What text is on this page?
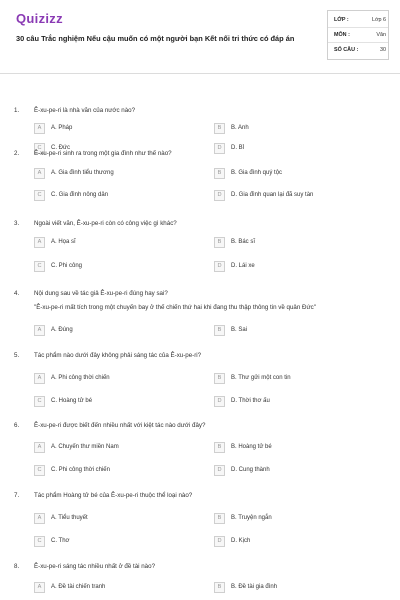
Quizizz
30 câu Trắc nghiệm Nếu cậu muốn có một người bạn Kết nối tri thức có đáp án
LỚP :	Lớp 6
MÔN :	Văn
SỐ CÂU :	30
1. Ê-xu-pe-ri là nhà văn của nước nào?
A	A. Pháp	B	B. Anh
C	C. Đức	D	D. Bỉ
2. Ê-xu-pe-ri sinh ra trong một gia đình như thế nào?
A	A. Gia đình tiểu thương	B	B. Gia đình quý tộc
C	C. Gia đình nông dân	D	D. Gia đình quan lại đã suy tàn
3. Ngoài viết văn, Ê-xu-pe-ri còn có công việc gì khác?
A	A. Họa sĩ	B	B. Bác sĩ
C	C. Phi công	D	D. Lái xe
4. Nội dung sau về tác giả Ê-xu-pe-ri đúng hay sai?
"Ê-xu-pe-ri mất tích trong một chuyến bay ở thế chiến thứ hai khi đang thu thập thông tin về quân Đức"
A	A. Đúng	B	B. Sai
5. Tác phẩm nào dưới đây không phải sáng tác của Ê-xu-pe-ri?
A	A. Phi công thời chiến	B	B. Thư gửi một con tin
C	C. Hoàng tử bé	D	D. Thời thơ ấu
6. Ê-xu-pe-ri được biết đến nhiều nhất với kiệt tác nào dưới đây?
A	A. Chuyến thư miền Nam	B	B. Hoàng tử bé
C	C. Phi công thời chiến	D	D. Cung thành
7. Tác phẩm Hoàng tử bé của Ê-xu-pe-ri thuộc thể loại nào?
A	A. Tiểu thuyết	B	B. Truyện ngắn
C	C. Thơ	D	D. Kịch
8. Ê-xu-pe-ri sáng tác nhiều nhất ở đề tài nào?
A	A. Đề tài chiến tranh	B	B. Đề tài gia đình
